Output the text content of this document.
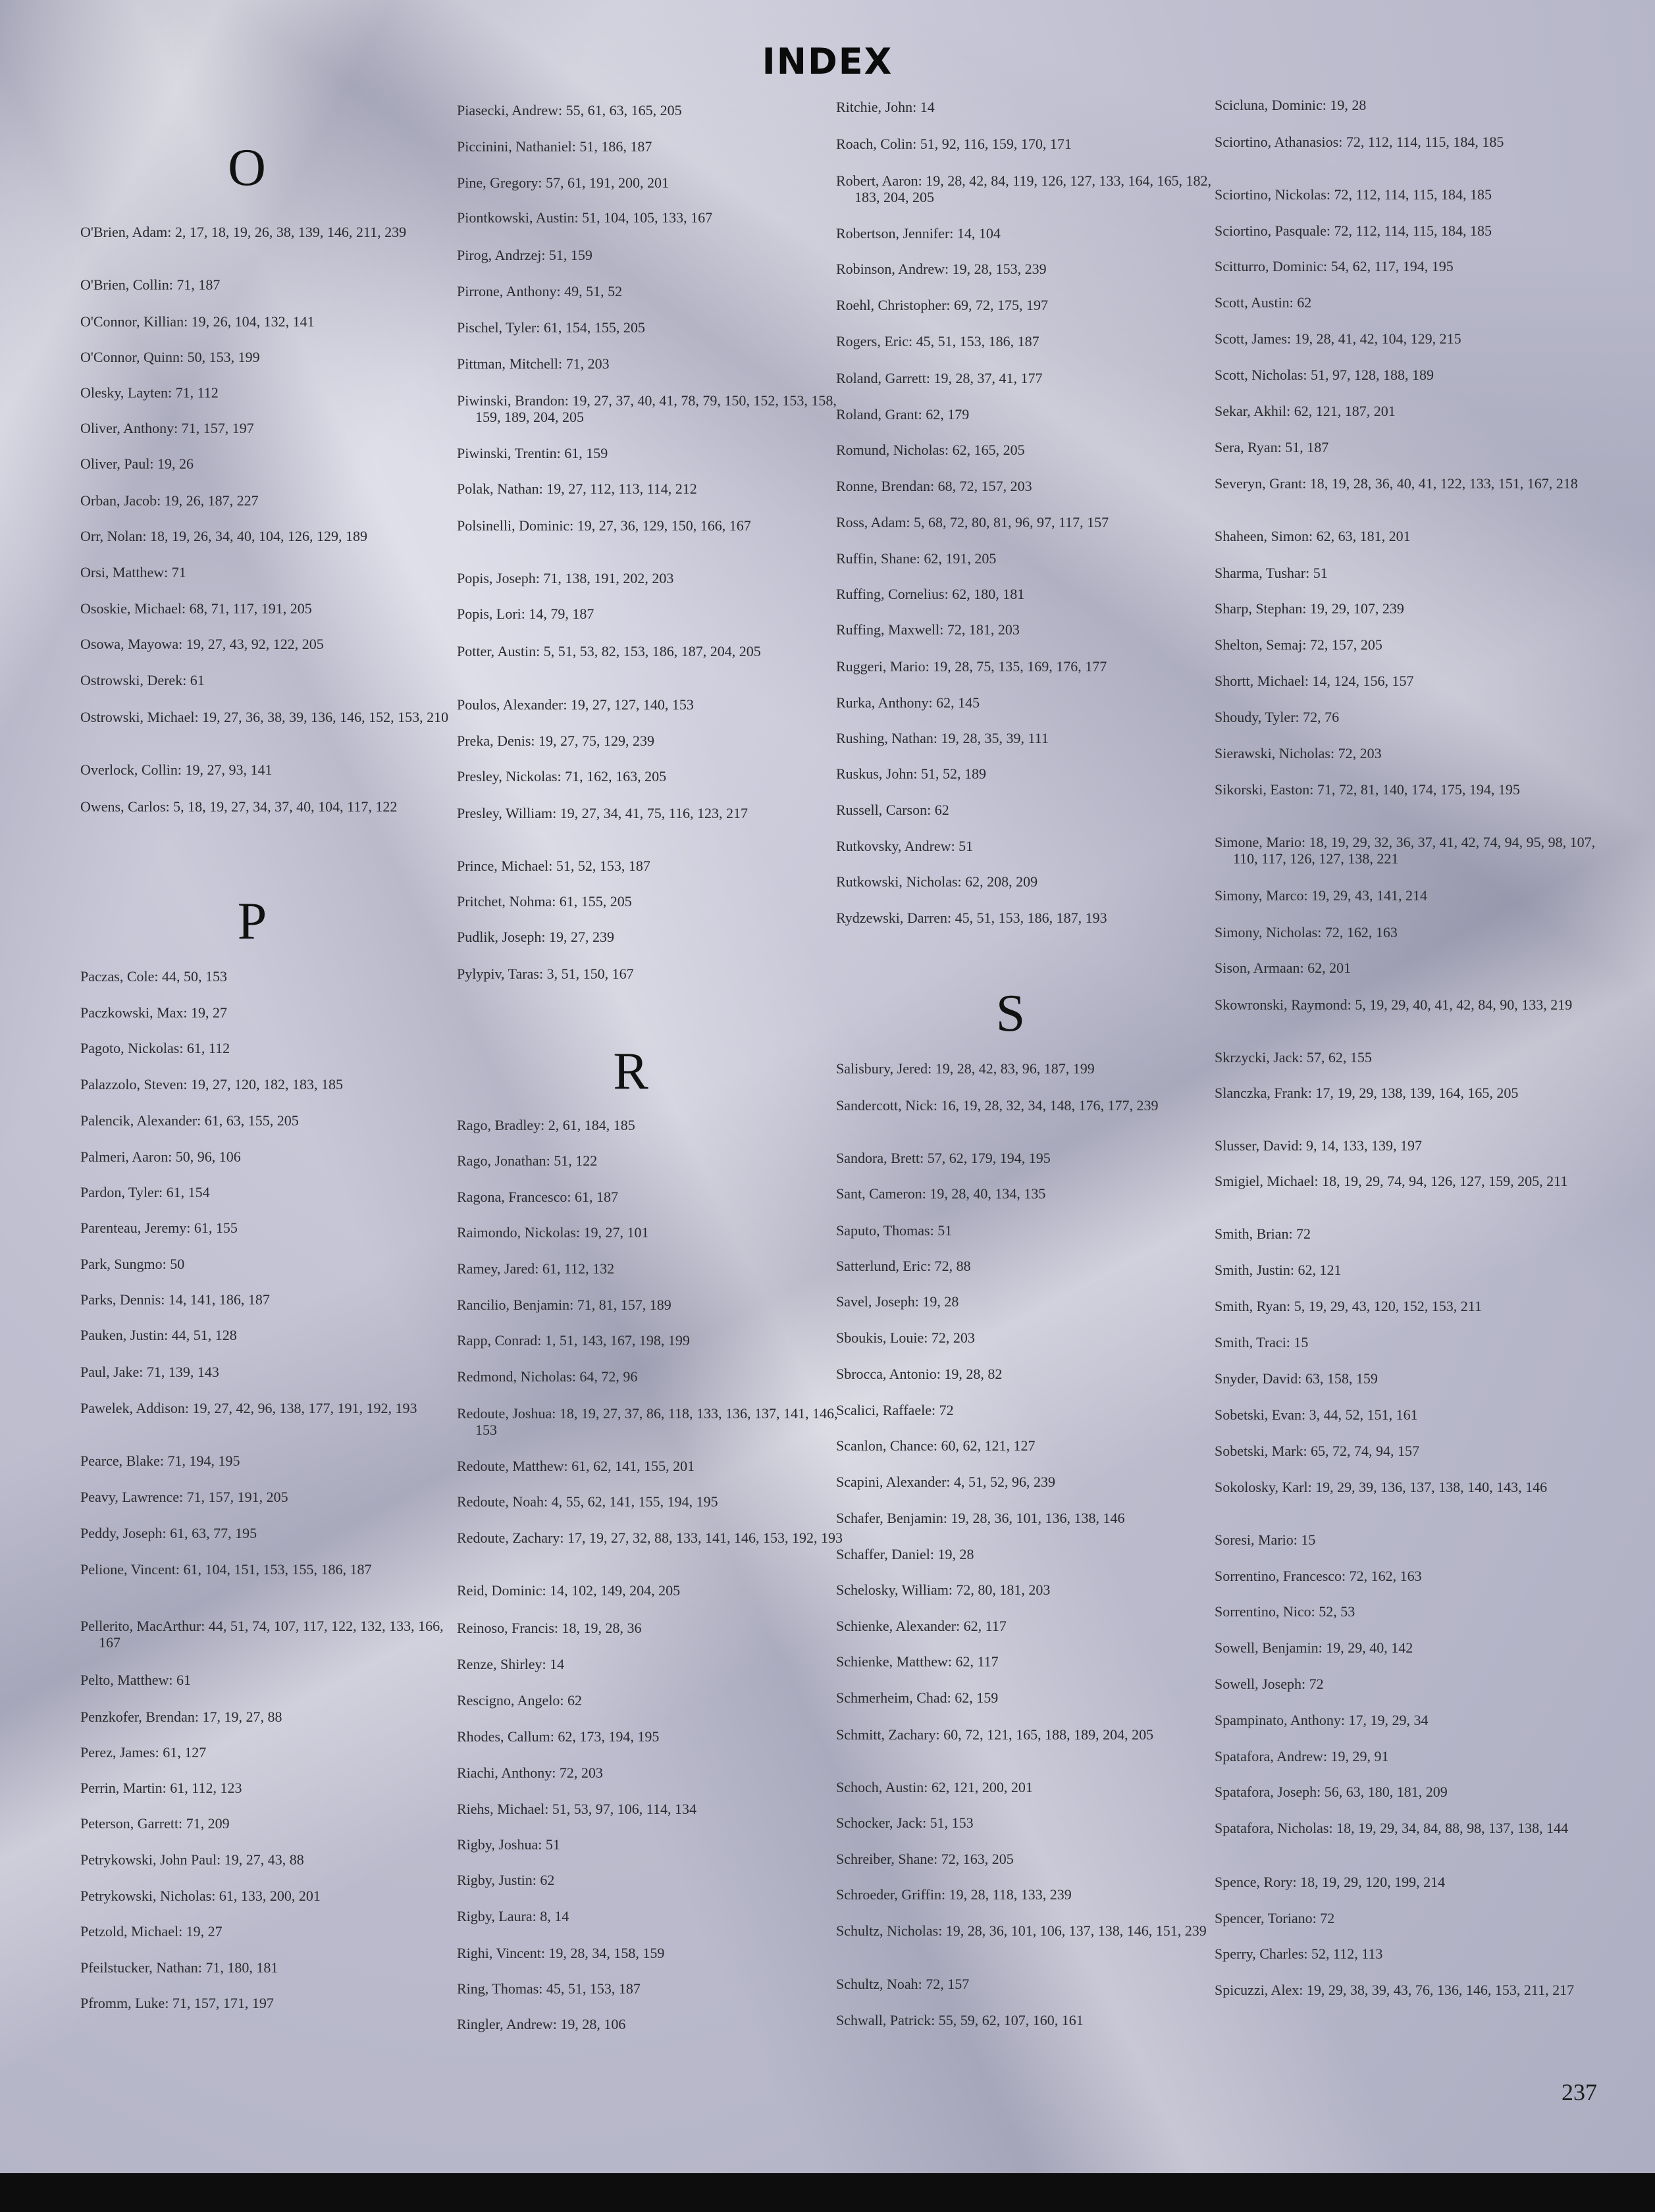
INDEX
O'Brien, Adam: 2, 17, 18, 19, 26, 38, 139, 146, 211, 239
O'Brien, Collin: 71, 187
O'Connor, Killian: 19, 26, 104, 132, 141
O'Connor, Quinn: 50, 153, 199
Olesky, Layten: 71, 112
Oliver, Anthony: 71, 157, 197
Oliver, Paul: 19, 26
Orban, Jacob: 19, 26, 187, 227
Orr, Nolan: 18, 19, 26, 34, 40, 104, 126, 129, 189
Orsi, Matthew: 71
Ososkie, Michael: 68, 71, 117, 191, 205
Osowa, Mayowa: 19, 27, 43, 92, 122, 205
Ostrowski, Derek: 61
Ostrowski, Michael: 19, 27, 36, 38, 39, 136, 146, 152, 153, 210
Overlock, Collin: 19, 27, 93, 141
Owens, Carlos: 5, 18, 19, 27, 34, 37, 40, 104, 117, 122
Paczas, Cole: 44, 50, 153
Paczkowski, Max: 19, 27
Pagoto, Nickolas: 61, 112
Palazzolo, Steven: 19, 27, 120, 182, 183, 185
Palencik, Alexander: 61, 63, 155, 205
Palmeri, Aaron: 50, 96, 106
Pardon, Tyler: 61, 154
Parenteau, Jeremy: 61, 155
Park, Sungmo: 50
Parks, Dennis: 14, 141, 186, 187
Pauken, Justin: 44, 51, 128
Paul, Jake: 71, 139, 143
Pawelek, Addison: 19, 27, 42, 96, 138, 177, 191, 192, 193
Pearce, Blake: 71, 194, 195
Peavy, Lawrence: 71, 157, 191, 205
Peddy, Joseph: 61, 63, 77, 195
Pelione, Vincent: 61, 104, 151, 153, 155, 186, 187
Pellerito, MacArthur: 44, 51, 74, 107, 117, 122, 132, 133, 166, 167
Pelto, Matthew: 61
Penzkofer, Brendan: 17, 19, 27, 88
Perez, James: 61, 127
Perrin, Martin: 61, 112, 123
Peterson, Garrett: 71, 209
Petrykowski, John Paul: 19, 27, 43, 88
Petrykowski, Nicholas: 61, 133, 200, 201
Petzold, Michael: 19, 27
Pfeilstucker, Nathan: 71, 180, 181
Pfromm, Luke: 71, 157, 171, 197
Piasecki, Andrew: 55, 61, 63, 165, 205
Piccinini, Nathaniel: 51, 186, 187
Pine, Gregory: 57, 61, 191, 200, 201
Piontkowski, Austin: 51, 104, 105, 133, 167
Pirog, Andrzej: 51, 159
Pirrone, Anthony: 49, 51, 52
Pischel, Tyler: 61, 154, 155, 205
Pittman, Mitchell: 71, 203
Piwinski, Brandon: 19, 27, 37, 40, 41, 78, 79, 150, 152, 153, 158, 159, 189, 204, 205
Piwinski, Trentin: 61, 159
Polak, Nathan: 19, 27, 112, 113, 114, 212
Polsinelli, Dominic: 19, 27, 36, 129, 150, 166, 167
Popis, Joseph: 71, 138, 191, 202, 203
Popis, Lori: 14, 79, 187
Potter, Austin: 5, 51, 53, 82, 153, 186, 187, 204, 205
Poulos, Alexander: 19, 27, 127, 140, 153
Preka, Denis: 19, 27, 75, 129, 239
Presley, Nickolas: 71, 162, 163, 205
Presley, William: 19, 27, 34, 41, 75, 116, 123, 217
Prince, Michael: 51, 52, 153, 187
Pritchet, Nohma: 61, 155, 205
Pudlik, Joseph: 19, 27, 239
Pylypiv, Taras: 3, 51, 150, 167
Rago, Bradley: 2, 61, 184, 185
Rago, Jonathan: 51, 122
Ragona, Francesco: 61, 187
Raimondo, Nickolas: 19, 27, 101
Ramey, Jared: 61, 112, 132
Rancilio, Benjamin: 71, 81, 157, 189
Rapp, Conrad: 1, 51, 143, 167, 198, 199
Redmond, Nicholas: 64, 72, 96
Redoute, Joshua: 18, 19, 27, 37, 86, 118, 133, 136, 137, 141, 146, 153
Redoute, Matthew: 61, 62, 141, 155, 201
Redoute, Noah: 4, 55, 62, 141, 155, 194, 195
Redoute, Zachary: 17, 19, 27, 32, 88, 133, 141, 146, 153, 192, 193
Reid, Dominic: 14, 102, 149, 204, 205
Reinoso, Francis: 18, 19, 28, 36
Renze, Shirley: 14
Rescigno, Angelo: 62
Rhodes, Callum: 62, 173, 194, 195
Riachi, Anthony: 72, 203
Riehs, Michael: 51, 53, 97, 106, 114, 134
Rigby, Joshua: 51
Rigby, Justin: 62
Rigby, Laura: 8, 14
Righi, Vincent: 19, 28, 34, 158, 159
Ring, Thomas: 45, 51, 153, 187
Ringler, Andrew: 19, 28, 106
Ritchie, John: 14
Roach, Colin: 51, 92, 116, 159, 170, 171
Robert, Aaron: 19, 28, 42, 84, 119, 126, 127, 133, 164, 165, 182, 183, 204, 205
Robertson, Jennifer: 14, 104
Robinson, Andrew: 19, 28, 153, 239
Roehl, Christopher: 69, 72, 175, 197
Rogers, Eric: 45, 51, 153, 186, 187
Roland, Garrett: 19, 28, 37, 41, 177
Roland, Grant: 62, 179
Romund, Nicholas: 62, 165, 205
Ronne, Brendan: 68, 72, 157, 203
Ross, Adam: 5, 68, 72, 80, 81, 96, 97, 117, 157
Ruffin, Shane: 62, 191, 205
Ruffing, Cornelius: 62, 180, 181
Ruffing, Maxwell: 72, 181, 203
Ruggeri, Mario: 19, 28, 75, 135, 169, 176, 177
Rurka, Anthony: 62, 145
Rushing, Nathan: 19, 28, 35, 39, 111
Ruskus, John: 51, 52, 189
Russell, Carson: 62
Rutkovsky, Andrew: 51
Rutkowski, Nicholas: 62, 208, 209
Rydzewski, Darren: 45, 51, 153, 186, 187, 193
Salisbury, Jered: 19, 28, 42, 83, 96, 187, 199
Sandercott, Nick: 16, 19, 28, 32, 34, 148, 176, 177, 239
Sandora, Brett: 57, 62, 179, 194, 195
Sant, Cameron: 19, 28, 40, 134, 135
Saputo, Thomas: 51
Satterlund, Eric: 72, 88
Savel, Joseph: 19, 28
Sboukis, Louie: 72, 203
Sbrocca, Antonio: 19, 28, 82
Scalici, Raffaele: 72
Scanlon, Chance: 60, 62, 121, 127
Scapini, Alexander: 4, 51, 52, 96, 239
Schafer, Benjamin: 19, 28, 36, 101, 136, 138, 146
Schaffer, Daniel: 19, 28
Schelosky, William: 72, 80, 181, 203
Schienke, Alexander: 62, 117
Schienke, Matthew: 62, 117
Schmerheim, Chad: 62, 159
Schmitt, Zachary: 60, 72, 121, 165, 188, 189, 204, 205
Schoch, Austin: 62, 121, 200, 201
Schocker, Jack: 51, 153
Schreiber, Shane: 72, 163, 205
Schroeder, Griffin: 19, 28, 118, 133, 239
Schultz, Nicholas: 19, 28, 36, 101, 106, 137, 138, 146, 151, 239
Schultz, Noah: 72, 157
Schwall, Patrick: 55, 59, 62, 107, 160, 161
Scicluna, Dominic: 19, 28
Sciortino, Athanasios: 72, 112, 114, 115, 184, 185
Sciortino, Nickolas: 72, 112, 114, 115, 184, 185
Sciortino, Pasquale: 72, 112, 114, 115, 184, 185
Scitturro, Dominic: 54, 62, 117, 194, 195
Scott, Austin: 62
Scott, James: 19, 28, 41, 42, 104, 129, 215
Scott, Nicholas: 51, 97, 128, 188, 189
Sekar, Akhil: 62, 121, 187, 201
Sera, Ryan: 51, 187
Severyn, Grant: 18, 19, 28, 36, 40, 41, 122, 133, 151, 167, 218
Shaheen, Simon: 62, 63, 181, 201
Sharma, Tushar: 51
Sharp, Stephan: 19, 29, 107, 239
Shelton, Semaj: 72, 157, 205
Shortt, Michael: 14, 124, 156, 157
Shoudy, Tyler: 72, 76
Sierawski, Nicholas: 72, 203
Sikorski, Easton: 71, 72, 81, 140, 174, 175, 194, 195
Simone, Mario: 18, 19, 29, 32, 36, 37, 41, 42, 74, 94, 95, 98, 107, 110, 117, 126, 127, 138, 221
Simony, Marco: 19, 29, 43, 141, 214
Simony, Nicholas: 72, 162, 163
Sison, Armaan: 62, 201
Skowronski, Raymond: 5, 19, 29, 40, 41, 42, 84, 90, 133, 219
Skrzycki, Jack: 57, 62, 155
Slanczka, Frank: 17, 19, 29, 138, 139, 164, 165, 205
Slusser, David: 9, 14, 133, 139, 197
Smigiel, Michael: 18, 19, 29, 74, 94, 126, 127, 159, 205, 211
Smith, Brian: 72
Smith, Justin: 62, 121
Smith, Ryan: 5, 19, 29, 43, 120, 152, 153, 211
Smith, Traci: 15
Snyder, David: 63, 158, 159
Sobetski, Evan: 3, 44, 52, 151, 161
Sobetski, Mark: 65, 72, 74, 94, 157
Sokolosky, Karl: 19, 29, 39, 136, 137, 138, 140, 143, 146
Soresi, Mario: 15
Sorrentino, Francesco: 72, 162, 163
Sorrentino, Nico: 52, 53
Sowell, Benjamin: 19, 29, 40, 142
Sowell, Joseph: 72
Spampinato, Anthony: 17, 19, 29, 34
Spatafora, Andrew: 19, 29, 91
Spatafora, Joseph: 56, 63, 180, 181, 209
Spatafora, Nicholas: 18, 19, 29, 34, 84, 88, 98, 137, 138, 144
Spence, Rory: 18, 19, 29, 120, 199, 214
Spencer, Toriano: 72
Sperry, Charles: 52, 112, 113
Spicuzzi, Alex: 19, 29, 38, 39, 43, 76, 136, 146, 153, 211, 217
O
P
R
S
237
